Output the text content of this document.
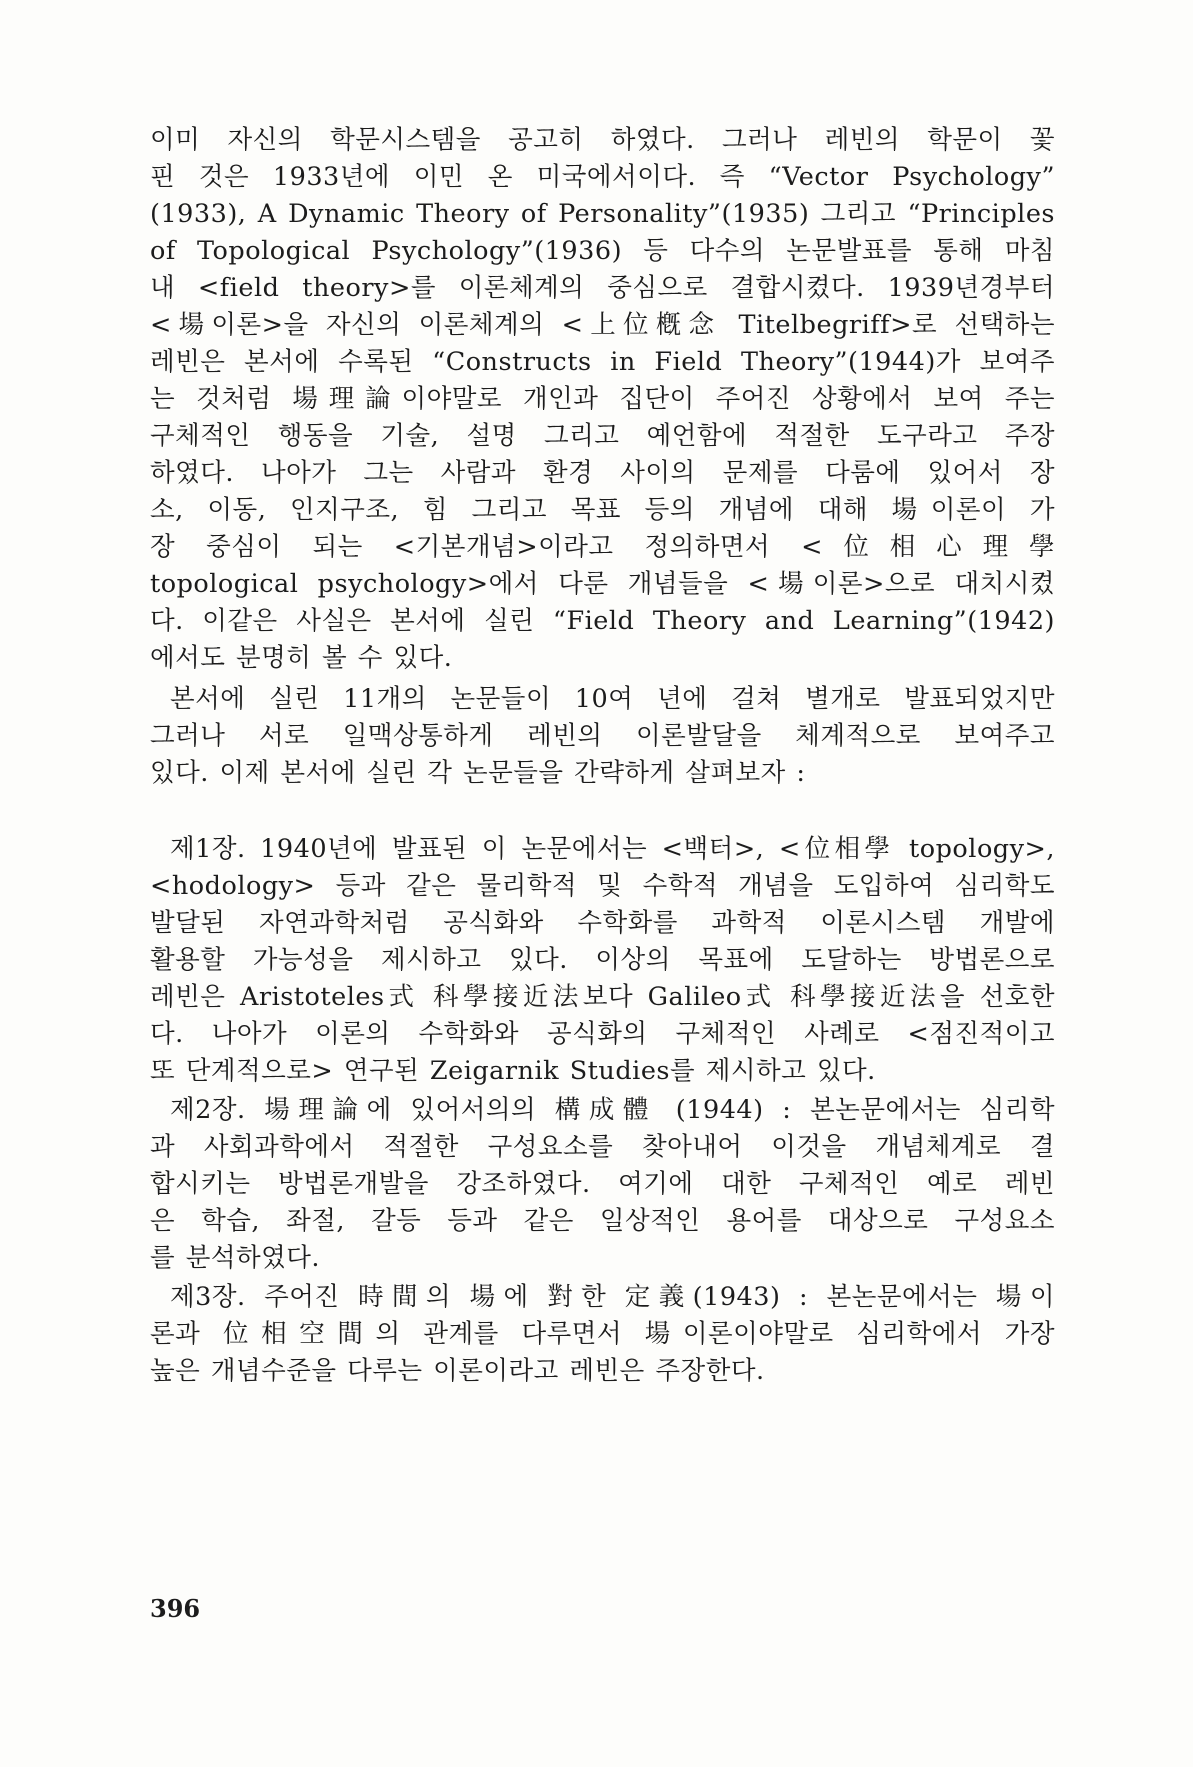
이미 자신의 학문시스템을 공고히 하였다. 그러나 레빈의 학문이 꽃
핀 것은 1933년에 이민 온 미국에서이다. 즉 “Vector Psychology”
(1933), A Dynamic Theory of Personality”(1935) 그리고 “Principles
of Topological Psychology”(1936) 등 다수의 논문발표를 통해 마침
내 <field theory>를 이론체계의 중심으로 결합시켰다. 1939년경부터
<場이론>을 자신의 이론체계의 <上位槪念 Titelbegriff>로 선택하는
레빈은 본서에 수록된 “Constructs in Field Theory”(1944)가 보여주
는 것처럼 場理論이야말로 개인과 집단이 주어진 상황에서 보여 주는
구체적인 행동을 기술, 설명 그리고 예언함에 적절한 도구라고 주장
하였다. 나아가 그는 사람과 환경 사이의 문제를 다룸에 있어서 장
소, 이동, 인지구조, 힘 그리고 목표 등의 개념에 대해 場이론이 가
장 중심이 되는 <기본개념>이라고 정의하면서 <位相心理學
topological psychology>에서 다룬 개념들을 <場이론>으로 대치시켰
다. 이같은 사실은 본서에 실린 “Field Theory and Learning”(1942)
에서도 분명히 볼 수 있다.
본서에 실린 11개의 논문들이 10여 년에 걸쳐 별개로 발표되었지만
그러나 서로 일맥상통하게 레빈의 이론발달을 체계적으로 보여주고
있다. 이제 본서에 실린 각 논문들을 간략하게 살펴보자 :
제1장. 1940년에 발표된 이 논문에서는 <백터>, <位相學 topology>,
<hodology> 등과 같은 물리학적 및 수학적 개념을 도입하여 심리학도
발달된 자연과학처럼 공식화와 수학화를 과학적 이론시스템 개발에
활용할 가능성을 제시하고 있다. 이상의 목표에 도달하는 방법론으로
레빈은 Aristoteles式 科學接近法보다 Galileo式 科學接近法을 선호한
다. 나아가 이론의 수학화와 공식화의 구체적인 사례로 <점진적이고
또 단계적으로> 연구된 Zeigarnik Studies를 제시하고 있다.
제2장. 場理論에 있어서의의 構成體 (1944) : 본논문에서는 심리학
과 사회과학에서 적절한 구성요소를 찾아내어 이것을 개념체계로 결
합시키는 방법론개발을 강조하였다. 여기에 대한 구체적인 예로 레빈
은 학습, 좌절, 갈등 등과 같은 일상적인 용어를 대상으로 구성요소
를 분석하였다.
제3장. 주어진 時間의 場에 對한 定義(1943) : 본논문에서는 場이
론과 位相空間의 관계를 다루면서 場이론이야말로 심리학에서 가장
높은 개념수준을 다루는 이론이라고 레빈은 주장한다.
396
